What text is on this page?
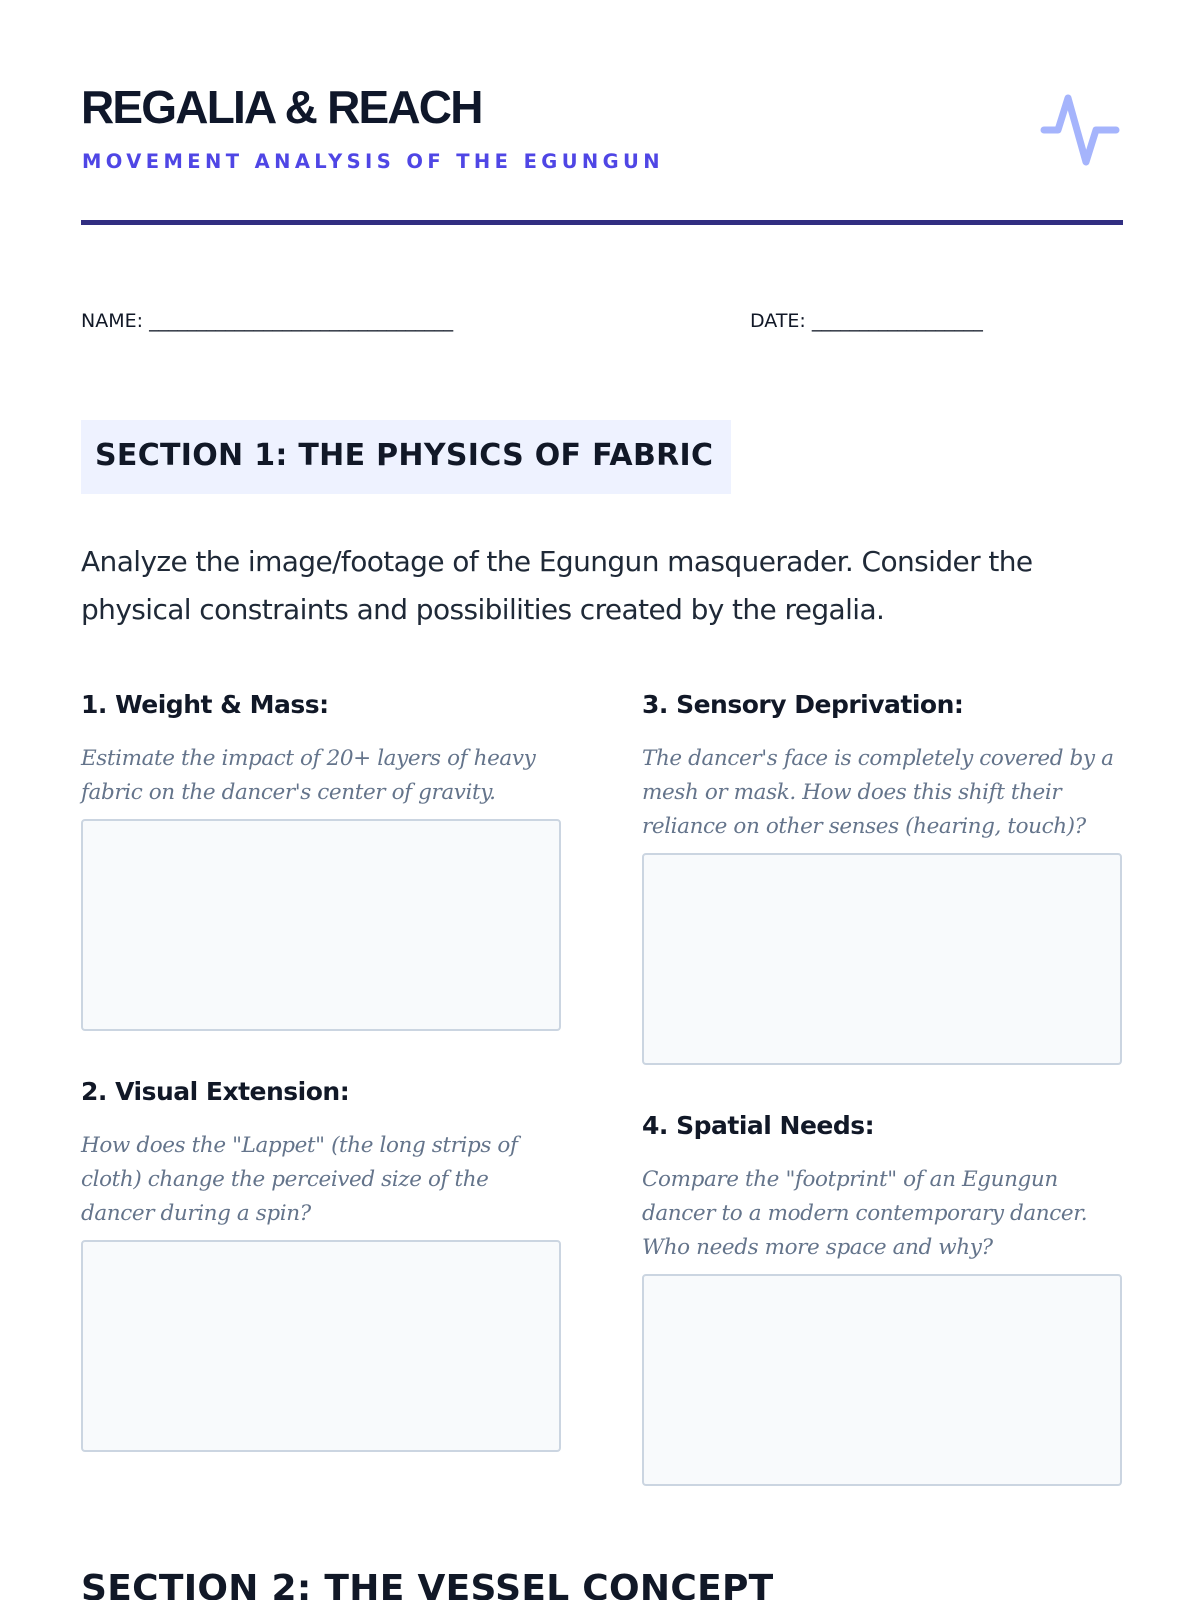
REGALIA & REACH
MOVEMENT ANALYSIS OF THE EGUNGUN
NAME: ________________________________	DATE: __________________
SECTION 1: THE PHYSICS OF FABRIC

Analyze the image/footage of the Egungun masquerader. Consider the physical constraints and possibilities created by the regalia.

1. Weight & Mass:

Estimate the impact of 20+ layers of heavy fabric on the dancer's center of gravity.

2. Visual Extension:

How does the "Lappet" (the long strips of cloth) change the perceived size of the dancer during a spin?

3. Sensory Deprivation:

The dancer's face is completely covered by a mesh or mask. How does this shift their reliance on other senses (hearing, touch)?

4. Spatial Needs:

Compare the "footprint" of an Egungun dancer to a modern contemporary dancer. Who needs more space and why?

SECTION 2: THE VESSEL CONCEPT
